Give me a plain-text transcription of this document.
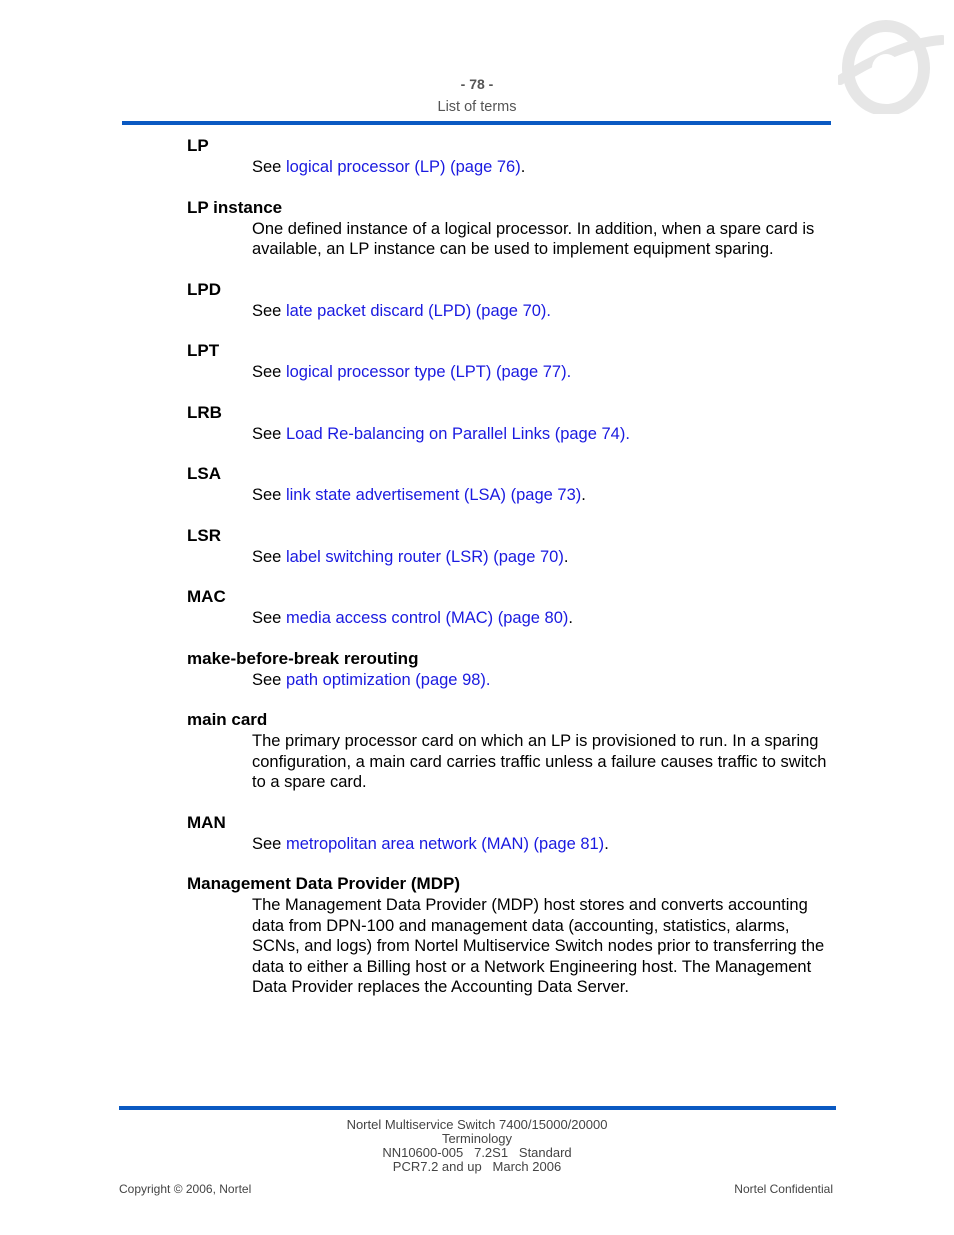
- 78 -
List of terms
LP
See logical processor (LP) (page 76).
LP instance
One defined instance of a logical processor. In addition, when a spare card is available, an LP instance can be used to implement equipment sparing.
LPD
See late packet discard (LPD) (page 70).
LPT
See logical processor type (LPT) (page 77).
LRB
See Load Re-balancing on Parallel Links (page 74).
LSA
See link state advertisement (LSA) (page 73).
LSR
See label switching router (LSR) (page 70).
MAC
See media access control (MAC) (page 80).
make-before-break rerouting
See path optimization (page 98).
main card
The primary processor card on which an LP is provisioned to run. In a sparing configuration, a main card carries traffic unless a failure causes traffic to switch to a spare card.
MAN
See metropolitan area network (MAN) (page 81).
Management Data Provider (MDP)
The Management Data Provider (MDP) host stores and converts accounting data from DPN-100 and management data (accounting, statistics, alarms, SCNs, and logs) from Nortel Multiservice Switch nodes prior to transferring the data to either a Billing host or a Network Engineering host. The Management Data Provider replaces the Accounting Data Server.
Nortel Multiservice Switch 7400/15000/20000
Terminology
NN10600-005   7.2S1   Standard
PCR7.2 and up   March 2006
Copyright © 2006, Nortel	Nortel Confidential
